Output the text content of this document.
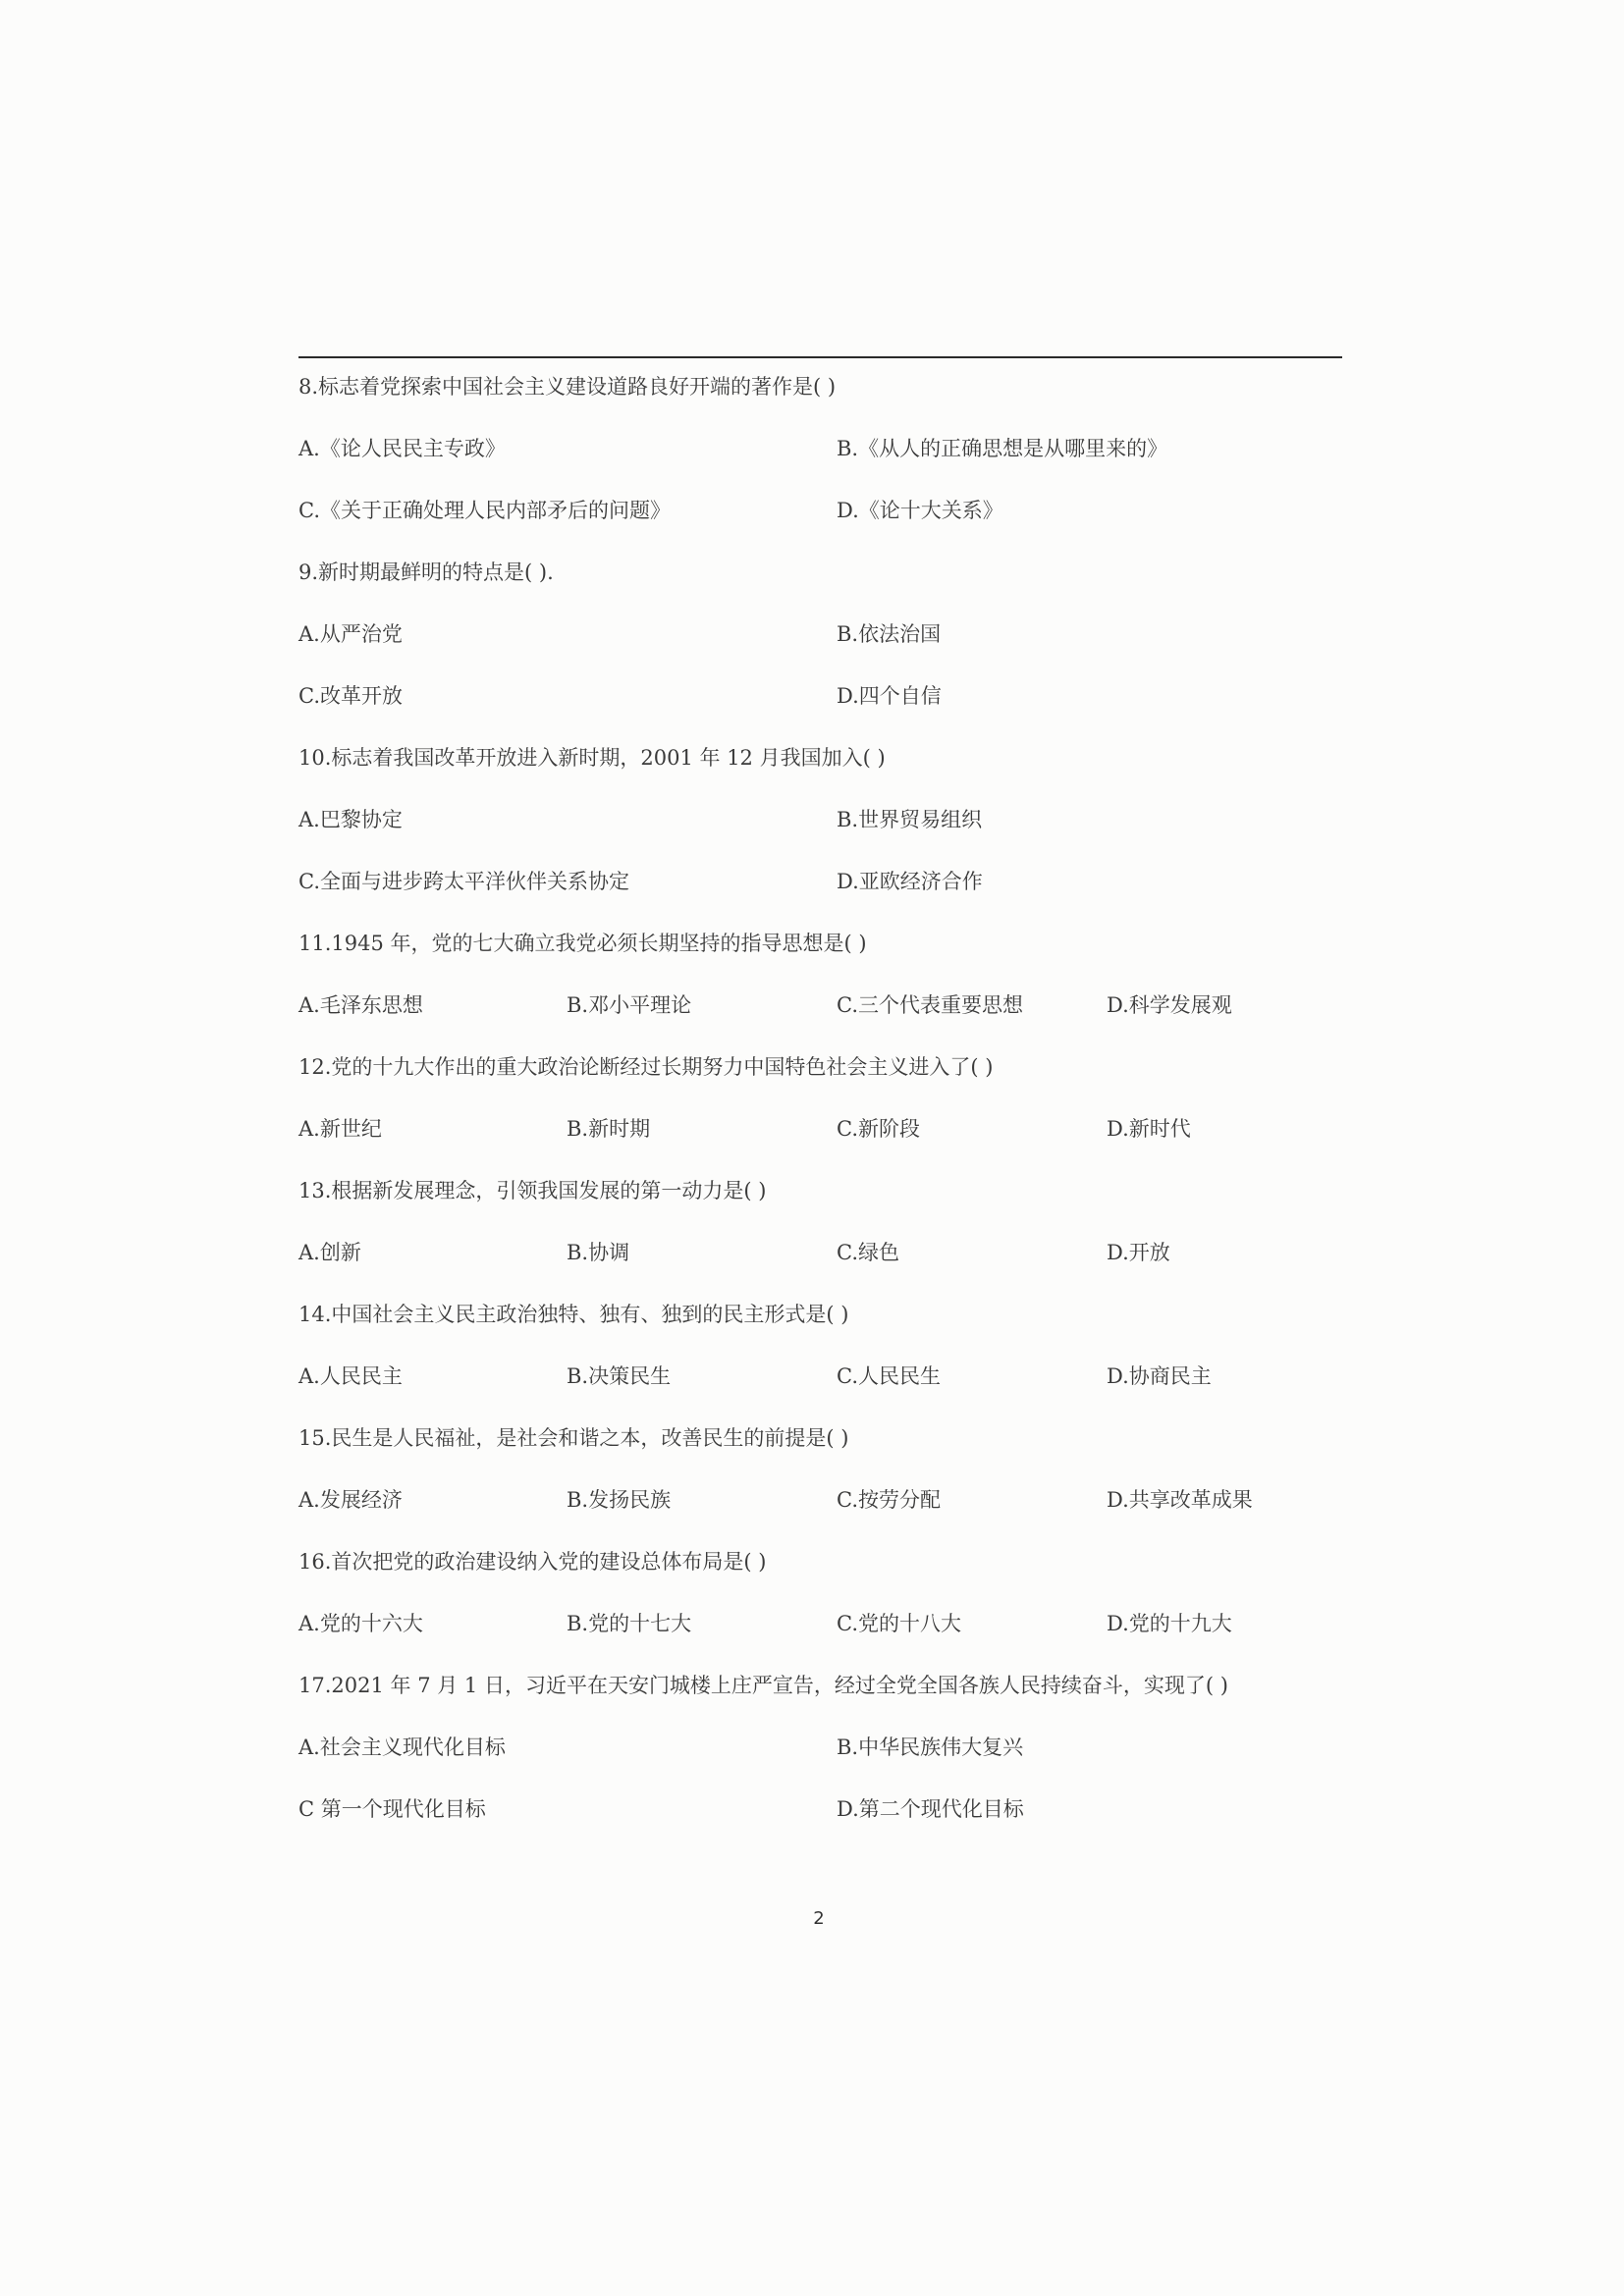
8.标志着党探索中国社会主义建设道路良好开端的著作是( )
A.《论人民民主专政》	B.《从人的正确思想是从哪里来的》
C.《关于正确处理人民内部矛后的问题》	D.《论十大关系》
9.新时期最鲜明的特点是( ).
A.从严治党	B.依法治国
C.改革开放	D.四个自信
10.标志着我国改革开放进入新时期，2001 年 12 月我国加入( )
A.巴黎协定	B.世界贸易组织
C.全面与进步跨太平洋伙伴关系协定	D.亚欧经济合作
11.1945 年，党的七大确立我党必须长期坚持的指导思想是( )
A.毛泽东思想	B.邓小平理论	C.三个代表重要思想	D.科学发展观
12.党的十九大作出的重大政治论断经过长期努力中国特色社会主义进入了( )
A.新世纪	B.新时期	C.新阶段	D.新时代
13.根据新发展理念，引领我国发展的第一动力是( )
A.创新	B.协调	C.绿色	D.开放
14.中国社会主义民主政治独特、独有、独到的民主形式是( )
A.人民民主	B.决策民生	C.人民民生	D.协商民主
15.民生是人民福祉，是社会和谐之本，改善民生的前提是( )
A.发展经济	B.发扬民族	C.按劳分配	D.共享改革成果
16.首次把党的政治建设纳入党的建设总体布局是( )
A.党的十六大	B.党的十七大	C.党的十八大	D.党的十九大
17.2021 年 7 月 1 日，习近平在天安门城楼上庄严宣告，经过全党全国各族人民持续奋斗，实现了( )
A.社会主义现代化目标	B.中华民族伟大复兴
C 第一个现代化目标	D.第二个现代化目标
2
